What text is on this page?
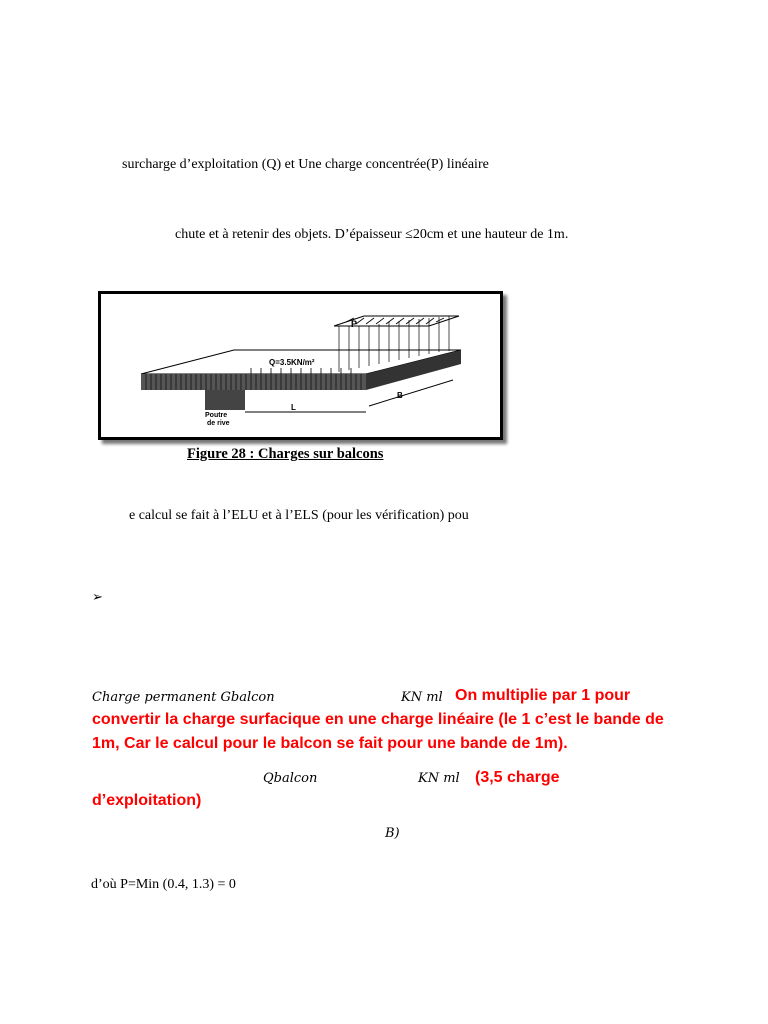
surcharge d’exploitation (Q) et Une charge concentrée(P) linéaire
chute et à retenir des objets. D’épaisseur ≤20cm et une hauteur de 1m.
P
Q=3.5KN/m²
B
L
Poutre
de rive
Figure 28 : Charges sur balcons
e calcul se fait à l’ELU et à l’ELS (pour les vérification) pou
➢
Charge permanent Gbalcon	KN ml On multiplie par 1 pour
convertir la charge surfacique en une charge linéaire (le 1 c’est le bande de
1m, Car le calcul pour le balcon se fait pour une bande de 1m).
Qbalcon	KN ml (3,5 charge
d’exploitation)
B)
d’où P=Min (0.4, 1.3) = 0
